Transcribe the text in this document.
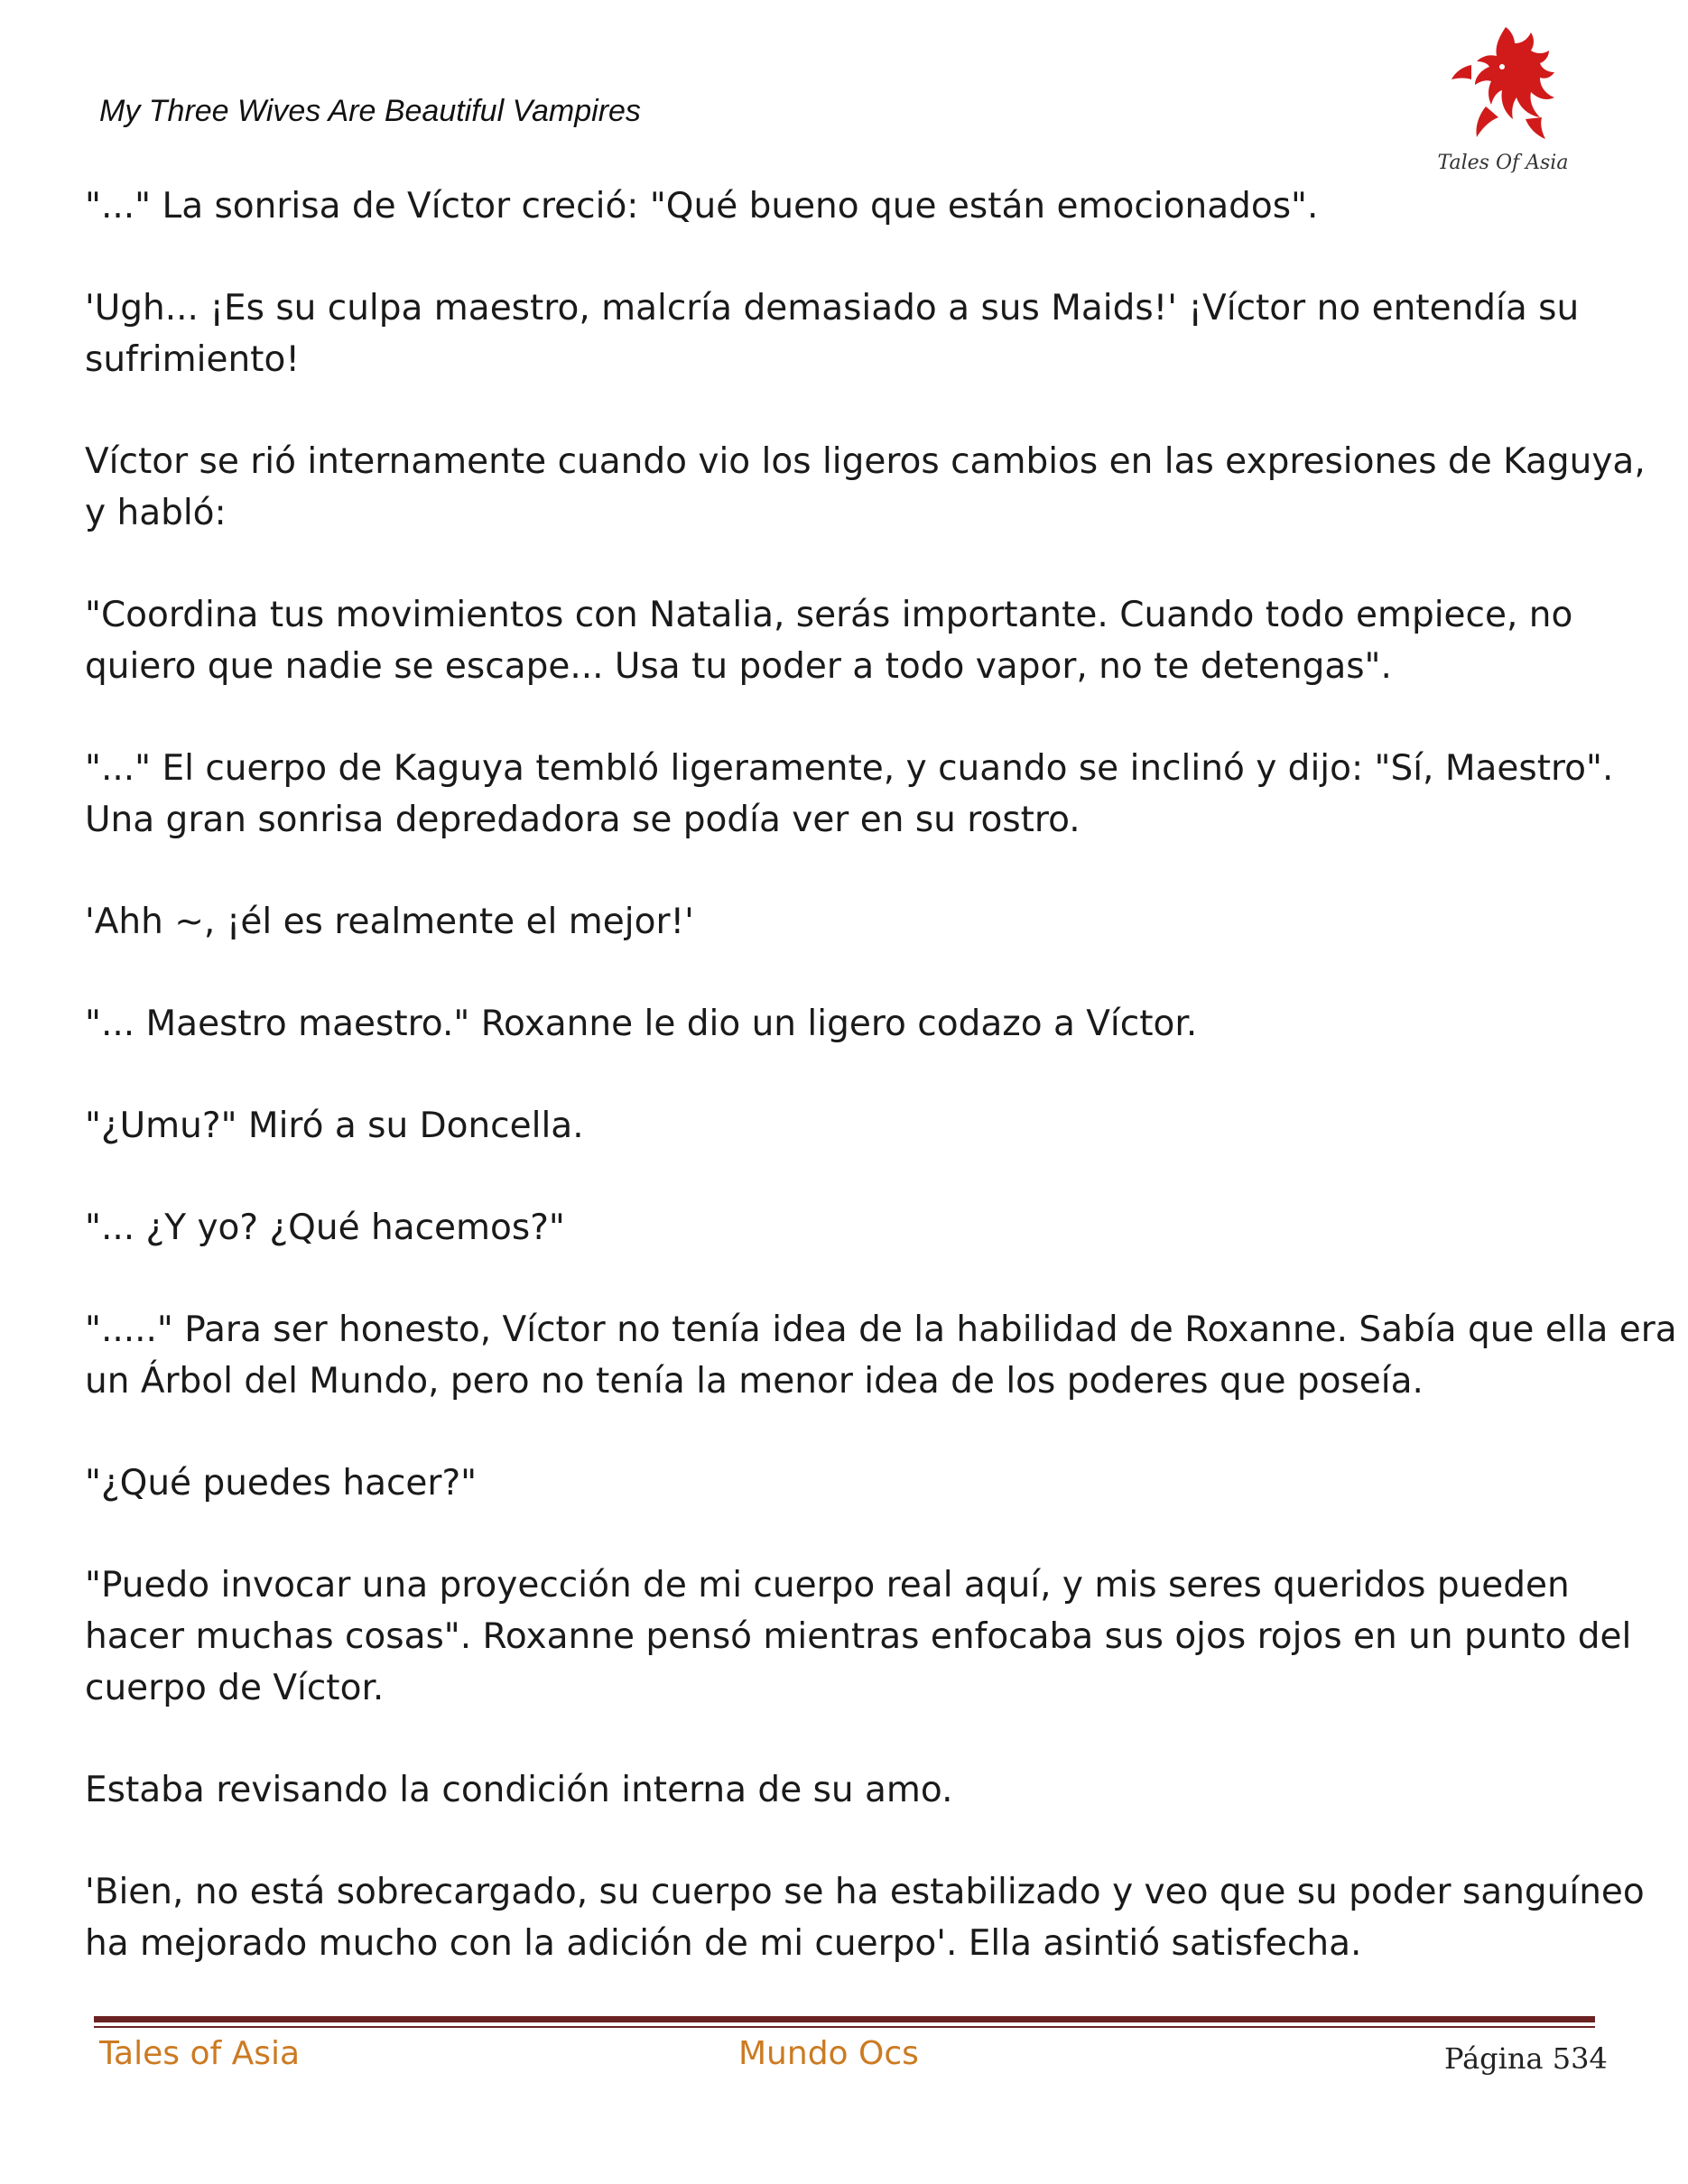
My Three Wives Are Beautiful Vampires
Tales Of Asia

"..." La sonrisa de Víctor creció: "Qué bueno que están emocionados".

'Ugh... ¡Es su culpa maestro, malcría demasiado a sus Maids!' ¡Víctor no entendía su
sufrimiento!

Víctor se rió internamente cuando vio los ligeros cambios en las expresiones de Kaguya,
y habló:

"Coordina tus movimientos con Natalia, serás importante. Cuando todo empiece, no
quiero que nadie se escape... Usa tu poder a todo vapor, no te detengas".

"..." El cuerpo de Kaguya tembló ligeramente, y cuando se inclinó y dijo: "Sí, Maestro".
Una gran sonrisa depredadora se podía ver en su rostro.

'Ahh ~, ¡él es realmente el mejor!'

"... Maestro maestro." Roxanne le dio un ligero codazo a Víctor.

"¿Umu?" Miró a su Doncella.

"... ¿Y yo? ¿Qué hacemos?"

"....." Para ser honesto, Víctor no tenía idea de la habilidad de Roxanne. Sabía que ella era
un Árbol del Mundo, pero no tenía la menor idea de los poderes que poseía.

"¿Qué puedes hacer?"

"Puedo invocar una proyección de mi cuerpo real aquí, y mis seres queridos pueden
hacer muchas cosas". Roxanne pensó mientras enfocaba sus ojos rojos en un punto del
cuerpo de Víctor.

Estaba revisando la condición interna de su amo.

'Bien, no está sobrecargado, su cuerpo se ha estabilizado y veo que su poder sanguíneo
ha mejorado mucho con la adición de mi cuerpo'. Ella asintió satisfecha.

Tales of Asia	Mundo Ocs	Página 534
